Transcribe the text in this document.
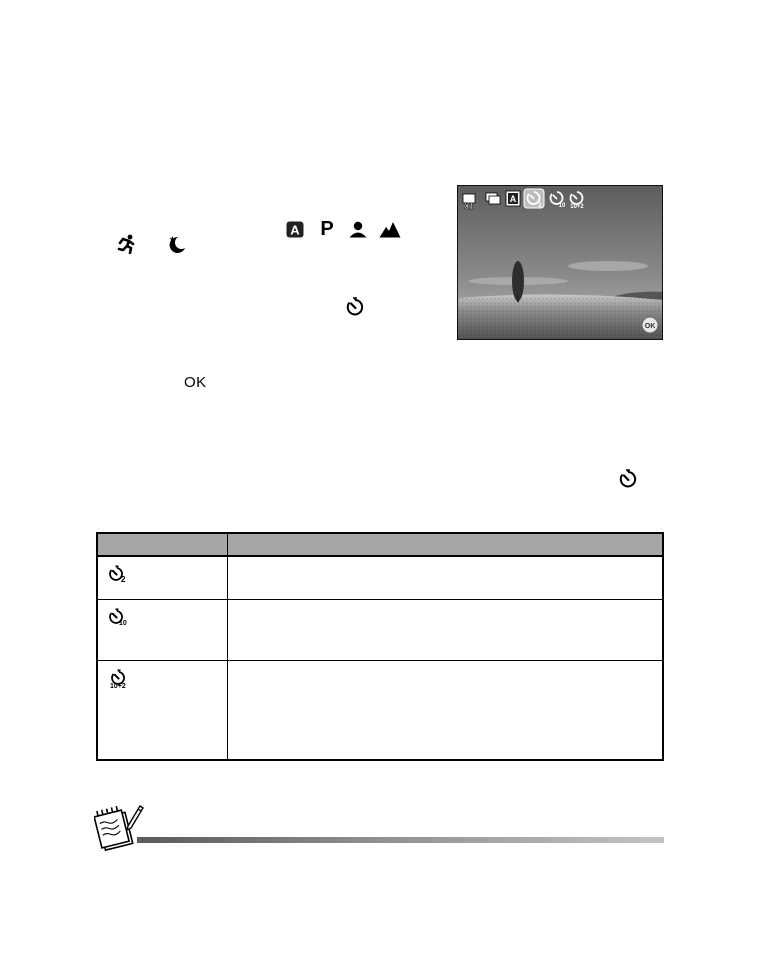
A P
OK
X1
A
2	10 10+2
OK

2	

10	

10+2	
